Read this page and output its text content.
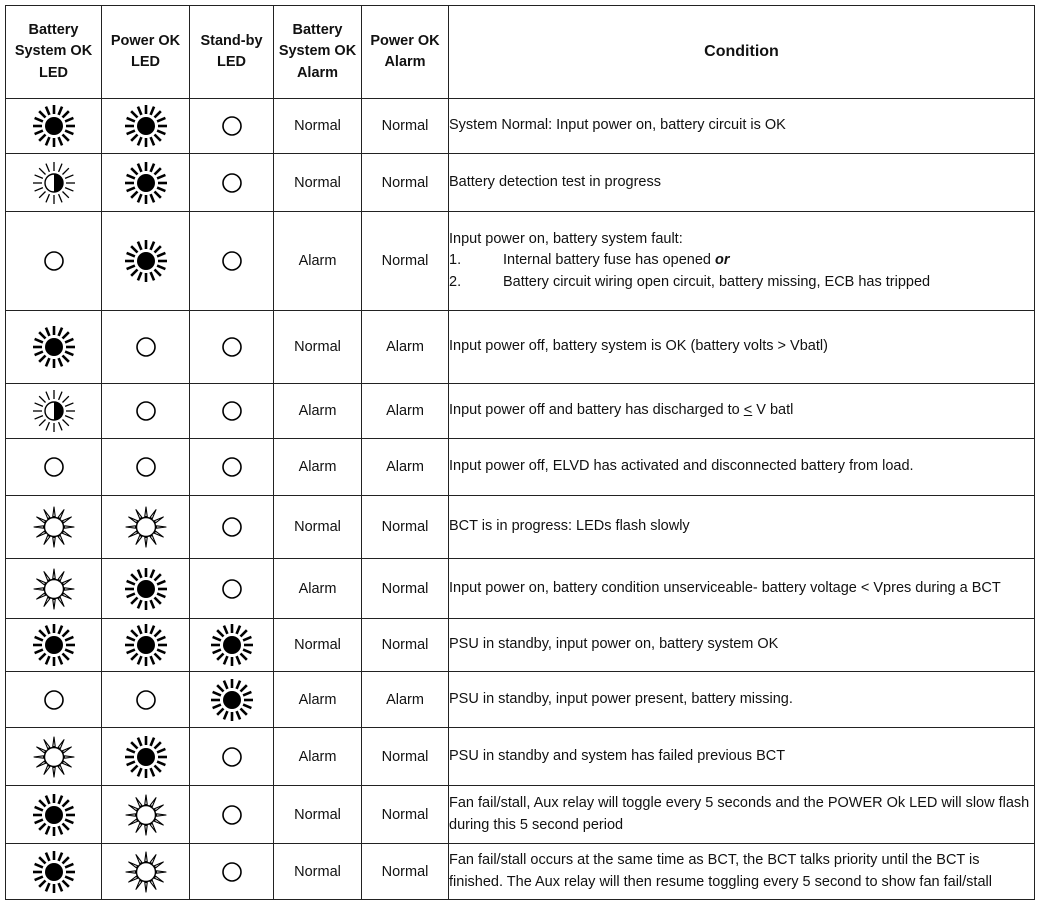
Battery System OK LED	Power OK LED	Stand-by LED	Battery System OK Alarm	Power OK Alarm	Condition
			Normal	Normal	System Normal: Input power on, battery circuit is OK
			Normal	Normal	Battery detection test in progress
			Alarm	Normal	Input power on, battery system fault:
1. Internal battery fuse has opened or
2. Battery circuit wiring open circuit, battery missing, ECB has tripped

			Normal	Alarm	Input power off, battery system is OK (battery volts > Vbatl)
			Alarm	Alarm	Input power off and battery has discharged to < V batl
			Alarm	Alarm	Input power off, ELVD has activated and disconnected battery from load.
			Normal	Normal	BCT is in progress: LEDs flash slowly
			Alarm	Normal	Input power on, battery condition unserviceable- battery voltage < Vpres during a BCT
			Normal	Normal	PSU in standby, input power on, battery system OK
			Alarm	Alarm	PSU in standby, input power present, battery missing.
			Alarm	Normal	PSU in standby and system has failed previous BCT
			Normal	Normal	Fan fail/stall, Aux relay will toggle every 5 seconds and the POWER Ok LED will slow flash during this 5 second period
			Normal	Normal	Fan fail/stall occurs at the same time as BCT, the BCT talks priority until the BCT is finished. The Aux relay will then resume toggling every 5 second to show fan fail/stall
